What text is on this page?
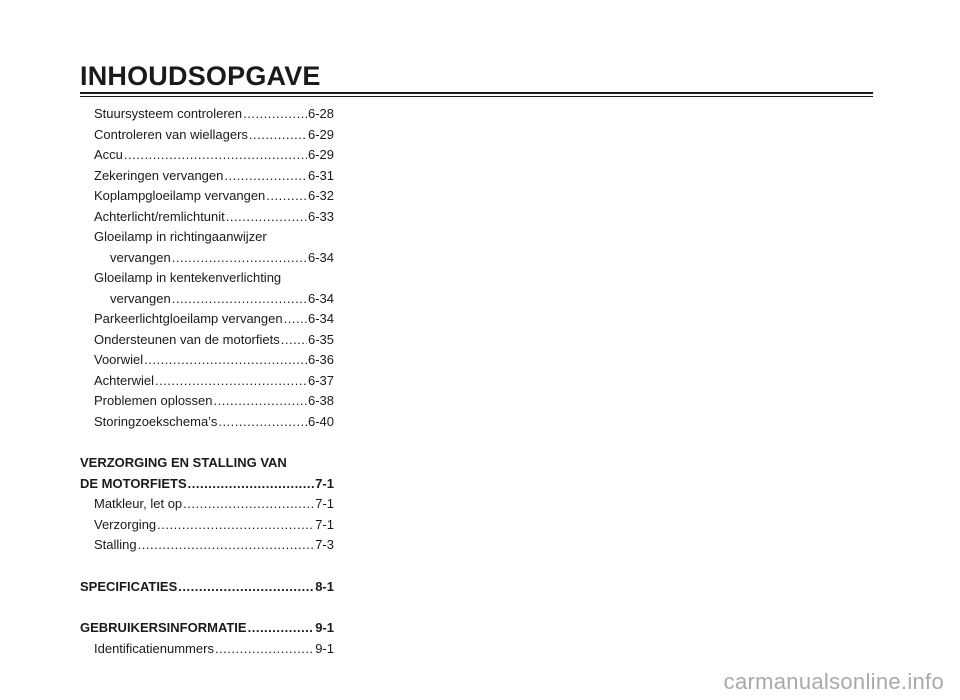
INHOUDSOPGAVE
Stuursysteem controleren .....	6-28
Controleren van wiellagers .....	6-29
Accu .....	6-29
Zekeringen vervangen .....	6-31
Koplampgloeilamp vervangen .....	6-32
Achterlicht/remlichtunit .....	6-33
Gloeilamp in richtingaanwijzer
vervangen .....	6-34
Gloeilamp in kentekenverlichting
vervangen .....	6-34
Parkeerlichtgloeilamp vervangen ..... 6-34
Ondersteunen van de motorfiets ..... 6-35
Voorwiel .....	6-36
Achterwiel .....	6-37
Problemen oplossen .....	6-38
Storingzoekschema’s .....	6-40
VERZORGING EN STALLING VAN
DE MOTORFIETS .....	7-1
Matkleur, let op .....	7-1
Verzorging .....	7-1
Stalling .....	7-3
SPECIFICATIES .....	8-1
GEBRUIKERSINFORMATIE .....	9-1
Identificatienummers .....	9-1
carmanualsonline.info
